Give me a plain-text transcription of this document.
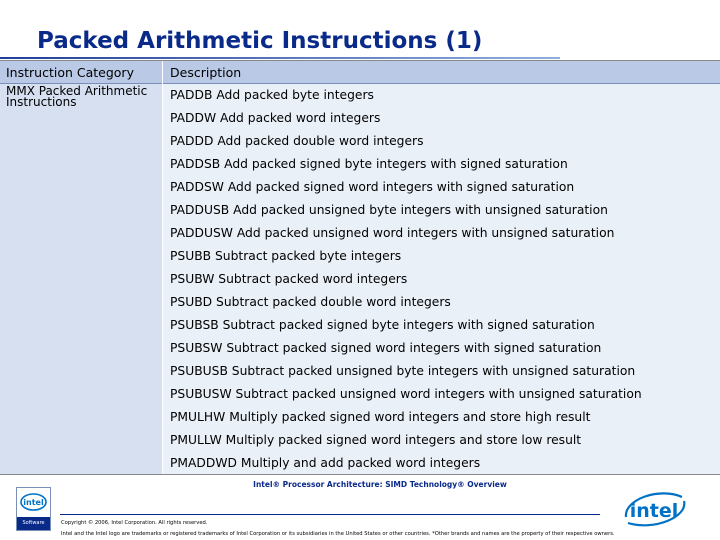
Packed Arithmetic Instructions (1)
Instruction Category	Description
MMX Packed Arithmetic Instructions	PADDB Add packed byte integers
PADDW Add packed word integers
PADDD Add packed double word integers
PADDSB Add packed signed byte integers with signed saturation
PADDSW Add packed signed word integers with signed saturation
PADDUSB Add packed unsigned byte integers with unsigned saturation
PADDUSW Add packed unsigned word integers with unsigned saturation
PSUBB Subtract packed byte integers
PSUBW Subtract packed word integers
PSUBD Subtract packed double word integers
PSUBSB Subtract packed signed byte integers with signed saturation
PSUBSW Subtract packed signed word integers with signed saturation
PSUBUSB Subtract packed unsigned byte integers with unsigned saturation
PSUBUSW Subtract packed unsigned word integers with unsigned saturation
PMULHW Multiply packed signed word integers and store high result
PMULLW Multiply packed signed word integers and store low result
PMADDWD Multiply and add packed word integers
Intel® Processor Architecture: SIMD Technology® Overview
intel
Software	Copyright © 2006, Intel Corporation. All rights reserved.
Intel and the Intel logo are trademarks or registered trademarks of Intel Corporation or its subsidiaries in the United States or other countries. *Other brands and names are the property of their respective owners.
intel
